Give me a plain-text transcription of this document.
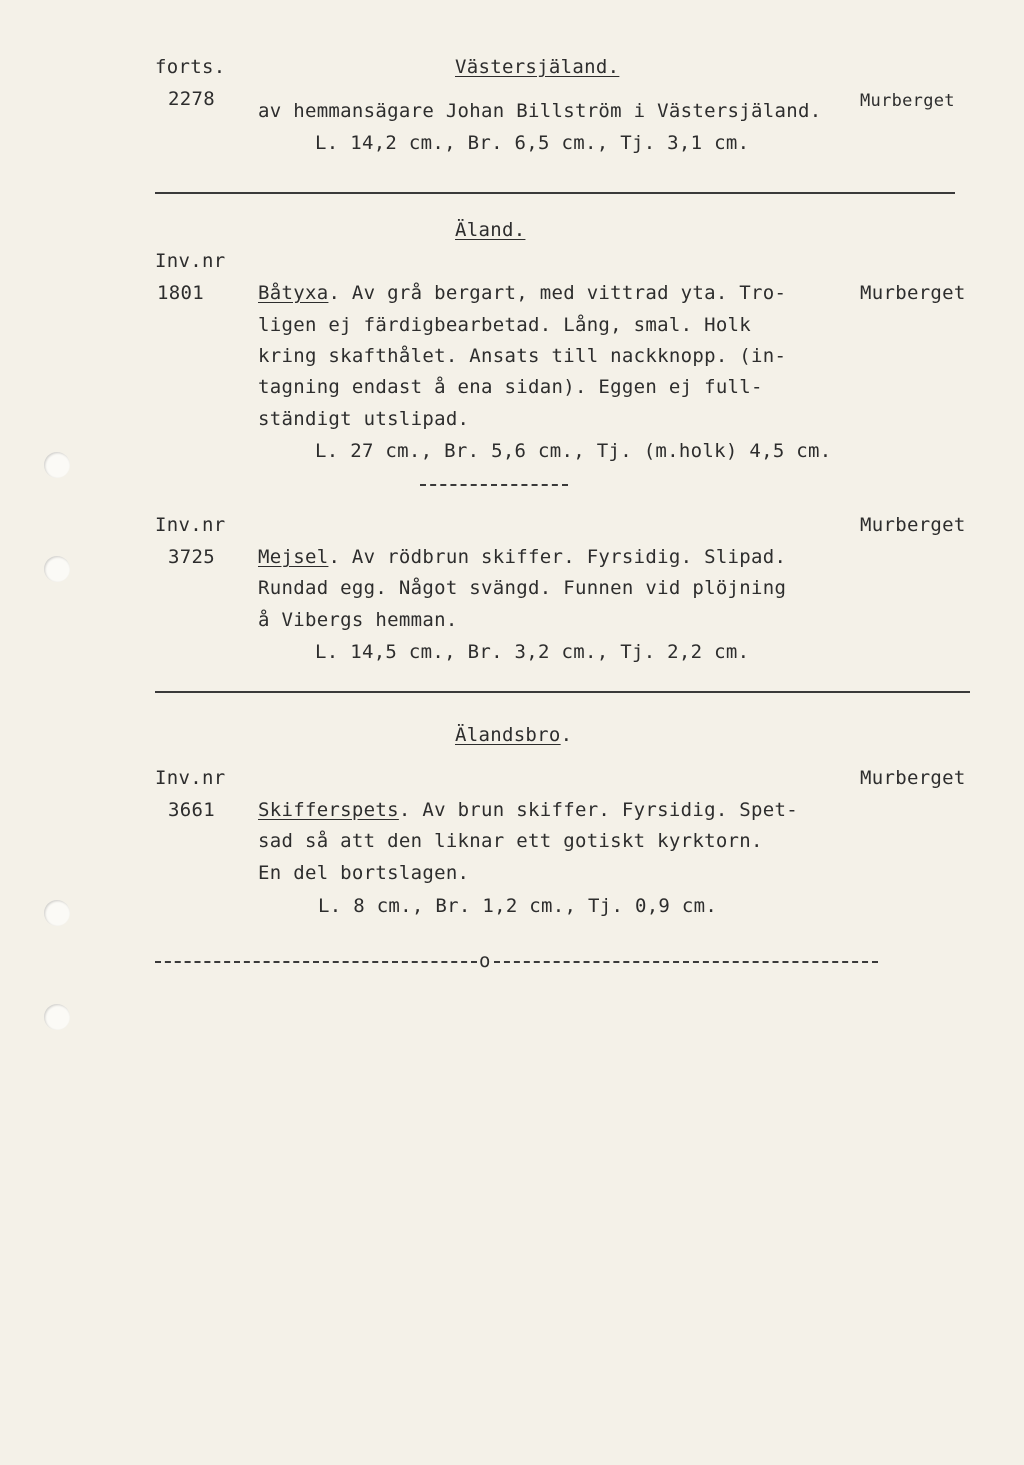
forts.	Västersjäland.
2278
av hemmansägare Johan Billström i Västersjäland. Murberget
L. 14,2 cm., Br. 6,5 cm., Tj. 3,1 cm.
Äland.
Inv.nr
1801	Båtyxa. Av grå bergart, med vittrad yta. Tro-	Murberget
ligen ej färdigbearbetad. Lång, smal. Holk
kring skafthålet. Ansats till nackknopp. (in-
tagning endast å ena sidan). Eggen ej full-
ständigt utslipad.
L. 27 cm., Br. 5,6 cm., Tj. (m.holk) 4,5 cm.
Inv.nr	Murberget
3725 Mejsel. Av rödbrun skiffer. Fyrsidig. Slipad.
Rundad egg. Något svängd. Funnen vid plöjning
å Vibergs hemman.
L. 14,5 cm., Br. 3,2 cm., Tj. 2,2 cm.
Älandsbro.
Inv.nr	Murberget
3661 Skifferspets. Av brun skiffer. Fyrsidig. Spet-
sad så att den liknar ett gotiskt kyrktorn.
En del bortslagen.
L. 8 cm., Br. 1,2 cm., Tj. 0,9 cm.
o
